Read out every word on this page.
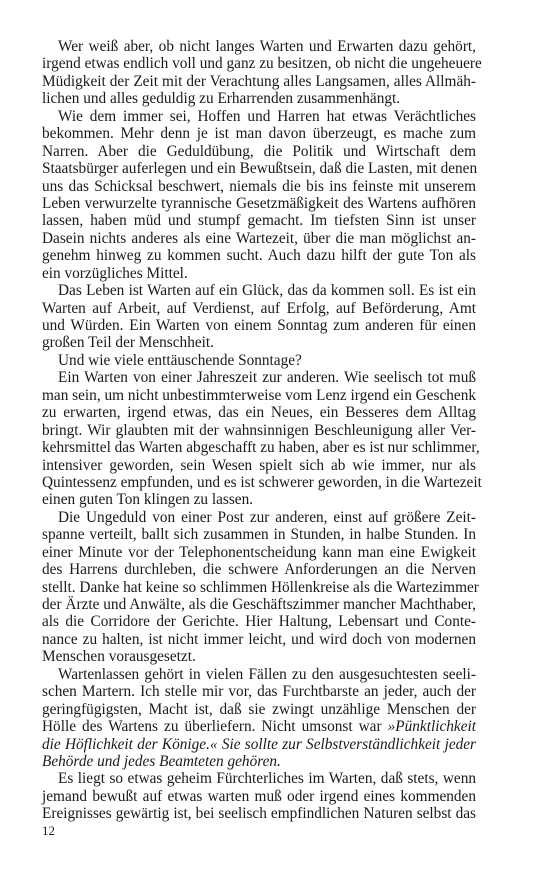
Wer weiß aber, ob nicht langes Warten und Erwarten dazu gehört,
irgend etwas endlich voll und ganz zu besitzen, ob nicht die ungeheuere
Müdigkeit der Zeit mit der Verachtung alles Langsamen, alles Allmäh-
lichen und alles geduldig zu Erharrenden zusammenhängt.
Wie dem immer sei, Hoffen und Harren hat etwas Verächtliches
bekommen. Mehr denn je ist man davon überzeugt, es mache zum
Narren. Aber die Geduldübung, die Politik und Wirtschaft dem
Staatsbürger auferlegen und ein Bewußtsein, daß die Lasten, mit denen
uns das Schicksal beschwert, niemals die bis ins feinste mit unserem
Leben verwurzelte tyrannische Gesetzmäßigkeit des Wartens aufhören
lassen, haben müd und stumpf gemacht. Im tiefsten Sinn ist unser
Dasein nichts anderes als eine Wartezeit, über die man möglichst an-
genehm hinweg zu kommen sucht. Auch dazu hilft der gute Ton als
ein vorzügliches Mittel.
Das Leben ist Warten auf ein Glück, das da kommen soll. Es ist ein
Warten auf Arbeit, auf Verdienst, auf Erfolg, auf Beförderung, Amt
und Würden. Ein Warten von einem Sonntag zum anderen für einen
großen Teil der Menschheit.
Und wie viele enttäuschende Sonntage?
Ein Warten von einer Jahreszeit zur anderen. Wie seelisch tot muß
man sein, um nicht unbestimmterweise vom Lenz irgend ein Geschenk
zu erwarten, irgend etwas, das ein Neues, ein Besseres dem Alltag
bringt. Wir glaubten mit der wahnsinnigen Beschleunigung aller Ver-
kehrsmittel das Warten abgeschafft zu haben, aber es ist nur schlimmer,
intensiver geworden, sein Wesen spielt sich ab wie immer, nur als
Quintessenz empfunden, und es ist schwerer geworden, in die Wartezeit
einen guten Ton klingen zu lassen.
Die Ungeduld von einer Post zur anderen, einst auf größere Zeit-
spanne verteilt, ballt sich zusammen in Stunden, in halbe Stunden. In
einer Minute vor der Telephonentscheidung kann man eine Ewigkeit
des Harrens durchleben, die schwere Anforderungen an die Nerven
stellt. Danke hat keine so schlimmen Höllenkreise als die Wartezimmer
der Ärzte und Anwälte, als die Geschäftszimmer mancher Machthaber,
als die Corridore der Gerichte. Hier Haltung, Lebensart und Conte-
nance zu halten, ist nicht immer leicht, und wird doch von modernen
Menschen vorausgesetzt.
Wartenlassen gehört in vielen Fällen zu den ausgesuchtesten seeli-
schen Martern. Ich stelle mir vor, das Furchtbarste an jeder, auch der
geringfügigsten, Macht ist, daß sie zwingt unzählige Menschen der
Hölle des Wartens zu überliefern. Nicht umsonst war »Pünktlichkeit
die Höflichkeit der Könige.« Sie sollte zur Selbstverständlichkeit jeder
Behörde und jedes Beamteten gehören.
Es liegt so etwas geheim Fürchterliches im Warten, daß stets, wenn
jemand bewußt auf etwas warten muß oder irgend eines kommenden
Ereignisses gewärtig ist, bei seelisch empfindlichen Naturen selbst das
12
